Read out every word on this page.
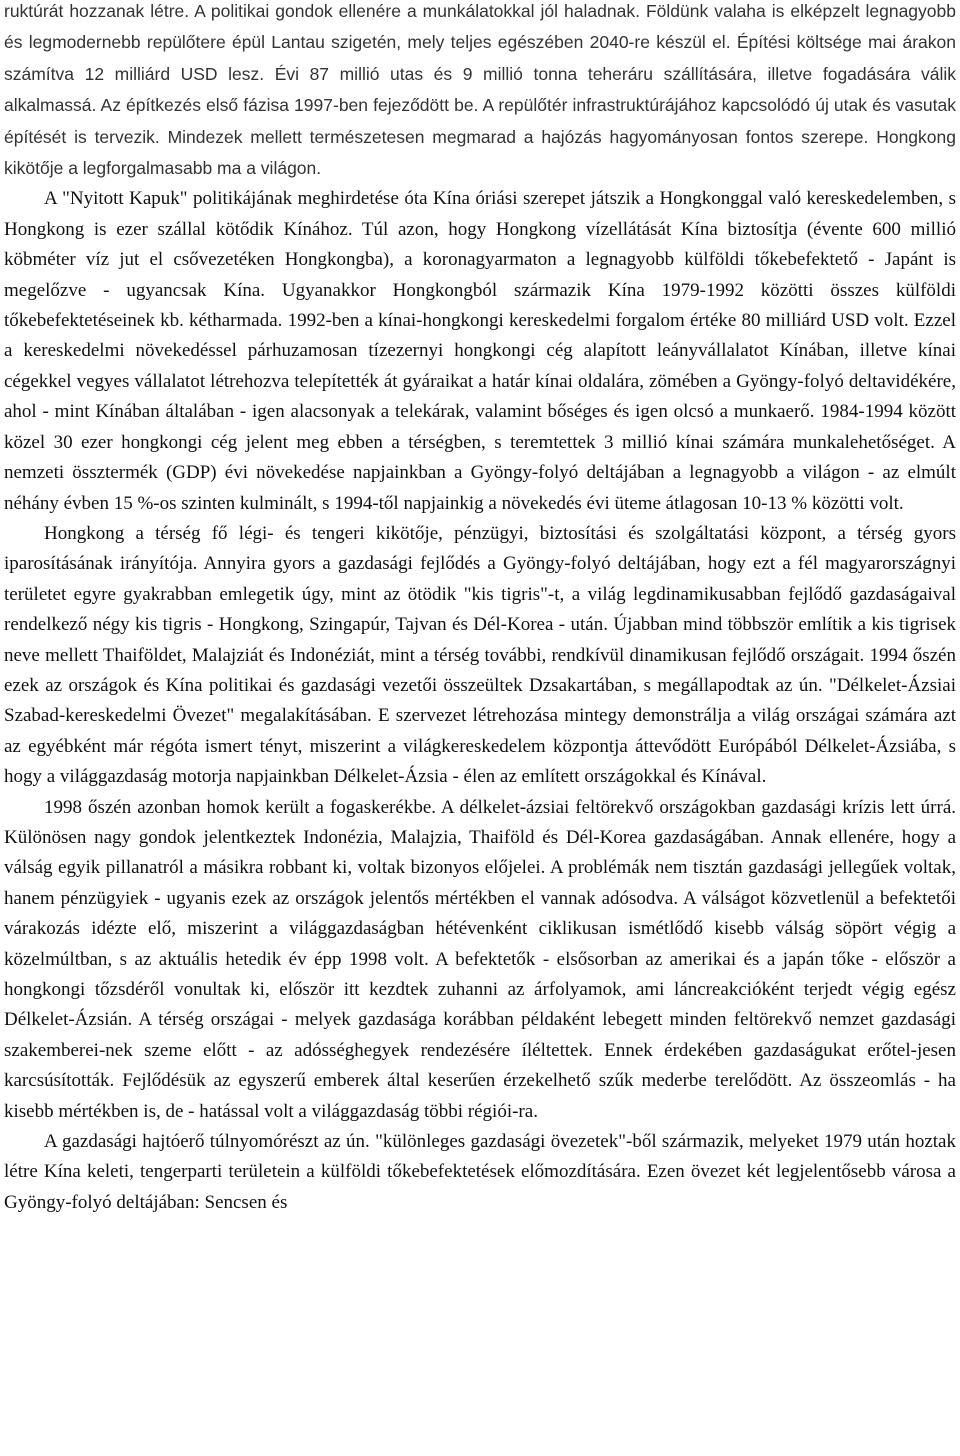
ruktúrát hozzanak létre. A politikai gondok ellenére a munkálatokkal jól haladnak. Földünk valaha is elképzelt legnagyobb és legmodernebb repülőtere épül Lantau szigetén, mely teljes egészében 2040-re készül el. Építési költsége mai árakon számítva 12 milliárd USD lesz. Évi 87 millió utas és 9 millió tonna teheráru szállítására, illetve fogadására válik alkalmassá. Az építkezés első fázisa 1997-ben fejeződött be. A repülőtér infrastruktúrájához kapcsolódó új utak és vasutak építését is tervezik. Mindezek mellett természetesen megmarad a hajózás hagyományosan fontos szerepe. Hongkong kikötője a legforgalmasabb ma a világon.

A "Nyitott Kapuk" politikájának meghirdetése óta Kína óriási szerepet játszik a Hongkonggal való kereskedelemben, s Hongkong is ezer szállal kötődik Kínához. Túl azon, hogy Hongkong vízellátását Kína biztosítja (évente 600 millió köbméter víz jut el csővezetéken Hongkongba), a koronagyarmaton a legnagyobb külföldi tőkebefektető - Japánt is megelőzve - ugyancsak Kína. Ugyanakkor Hongkongból származik Kína 1979-1992 közötti összes külföldi tőkebefektetéseinek kb. kétharmada. 1992-ben a kínai-hongkongi kereskedelmi forgalom értéke 80 milliárd USD volt. Ezzel a kereskedelmi növekedéssel párhuzamosan tízezernyi hongkongi cég alapított leányvállalatot Kínában, illetve kínai cégekkel vegyes vállalatot létrehozva telepítették át gyáraikat a határ kínai oldalára, zömében a Gyöngy-folyó deltavidékére, ahol - mint Kínában általában - igen alacsonyak a telekárak, valamint bőséges és igen olcsó a munkaerő. 1984-1994 között közel 30 ezer hongkongi cég jelent meg ebben a térségben, s teremtettek 3 millió kínai számára munkalehetőséget. A nemzeti össztermék (GDP) évi növekedése napjainkban a Gyöngy-folyó deltájában a legnagyobb a világon - az elmúlt néhány évben 15 %-os szinten kulminált, s 1994-től napjainkig a növekedés évi üteme átlagosan 10-13 % közötti volt.

Hongkong a térség fő légi- és tengeri kikötője, pénzügyi, biztosítási és szolgáltatási központ, a térség gyors iparosításának irányítója. Annyira gyors a gazdasági fejlődés a Gyöngy-folyó deltájában, hogy ezt a fél magyarországnyi területet egyre gyakrabban emlegetik úgy, mint az ötödik "kis tigris"-t, a világ legdinamikusabban fejlődő gazdaságaival rendelkező négy kis tigris - Hongkong, Szingapúr, Tajvan és Dél-Korea - után. Újabban mind többször említik a kis tigrisek neve mellett Thaiföldet, Malajziát és Indonéziát, mint a térség további, rendkívül dinamikusan fejlődő országait. 1994 őszén ezek az országok és Kína politikai és gazdasági vezetői összeültek Dzsakartában, s megállapodtak az ún. "Délkelet-Ázsiai Szabad-kereskedelmi Övezet" megalakításában. E szervezet létrehozása mintegy demonstrálja a világ országai számára azt az egyébként már régóta ismert tényt, miszerint a világkereskedelem központja áttevődött Európából Délkelet-Ázsiába, s hogy a világgazdaság motorja napjainkban Délkelet-Ázsia - élen az említett országokkal és Kínával.

1998 őszén azonban homok került a fogaskerékbe. A délkelet-ázsiai feltörekvő országokban gazdasági krízis lett úrrá. Különösen nagy gondok jelentkeztek Indonézia, Malajzia, Thaiföld és Dél-Korea gazdaságában. Annak ellenére, hogy a válság egyik pillanatról a másikra robbant ki, voltak bizonyos előjelei. A problémák nem tisztán gazdasági jellegűek voltak, hanem pénzügyiek - ugyanis ezek az országok jelentős mértékben el vannak adósodva. A válságot közvetlenül a befektetői várakozás idézte elő, miszerint a világgazdaságban hétévenként ciklikusan ismétlődő kisebb válság söpört végig a közelmúltban, s az aktuális hetedik év épp 1998 volt. A befektetők - elsősorban az amerikai és a japán tőke - először a hongkongi tőzsdéről vonultak ki, először itt kezdtek zuhanni az árfolyamok, ami láncreakcióként terjedt végig egész Délkelet-Ázsián. A térség országai - melyek gazdasága korábban példaként lebegett minden feltörekvő nemzet gazdasági szakemberei-nek szeme előtt - az adósséghegyek rendezésére íléltettek. Ennek érdekében gazdaságukat erőtel-jesen karcsúsították. Fejlődésük az egyszerű emberek által keserűen érzekelhető szűk mederbe terelődött. Az összeomlás - ha kisebb mértékben is, de - hatással volt a világgazdaság többi régiói-ra.

A gazdasági hajtóerő túlnyomórészt az ún. "különleges gazdasági övezetek"-ből származik, melyeket 1979 után hoztak létre Kína keleti, tengerparti területein a külföldi tőkebefektetések előmozdítására. Ezen övezet két legjelentősebb városa a Gyöngy-folyó deltájában: Sencsen és
